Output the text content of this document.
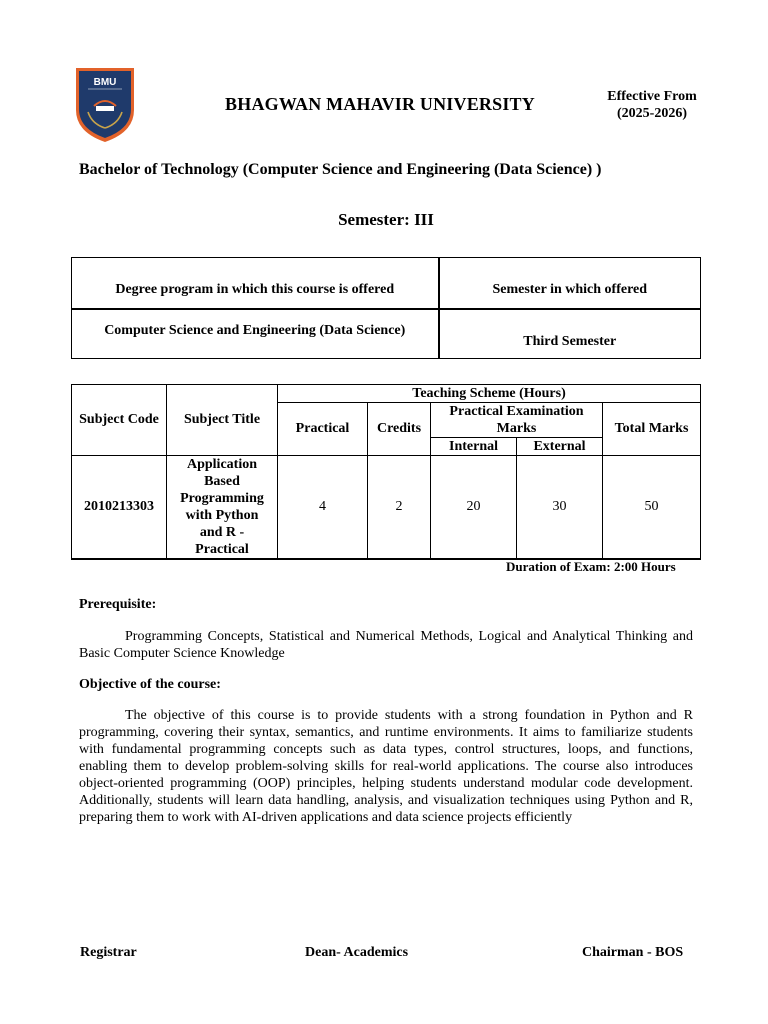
BMU
BHAGWAN MAHAVIR UNIVERSITY	Effective From
(2025-2026)
Bachelor of Technology (Computer Science and Engineering (Data Science) )
Semester: III
Degree program in which this course is offered	Semester in which offered
Computer Science and Engineering (Data Science)	Third Semester
Subject Code	Subject Title	Teaching Scheme (Hours)				
		Practical	Credits	Practical Examination Marks		Total Marks
				Internal	External	
2010213303	Application Based Programming with Python and R - Practical	4	2	20	30	50
Duration of Exam: 2:00 Hours
Prerequisite:
Programming Concepts, Statistical and Numerical Methods, Logical and Analytical Thinking and Basic Computer Science Knowledge
Objective of the course:
The objective of this course is to provide students with a strong foundation in Python and R programming, covering their syntax, semantics, and runtime environments. It aims to familiarize students with fundamental programming concepts such as data types, control structures, loops, and functions, enabling them to develop problem-solving skills for real-world applications. The course also introduces object-oriented programming (OOP) principles, helping students understand modular code development. Additionally, students will learn data handling, analysis, and visualization techniques using Python and R, preparing them to work with AI-driven applications and data science projects efficiently
Registrar	Dean- Academics	Chairman - BOS
